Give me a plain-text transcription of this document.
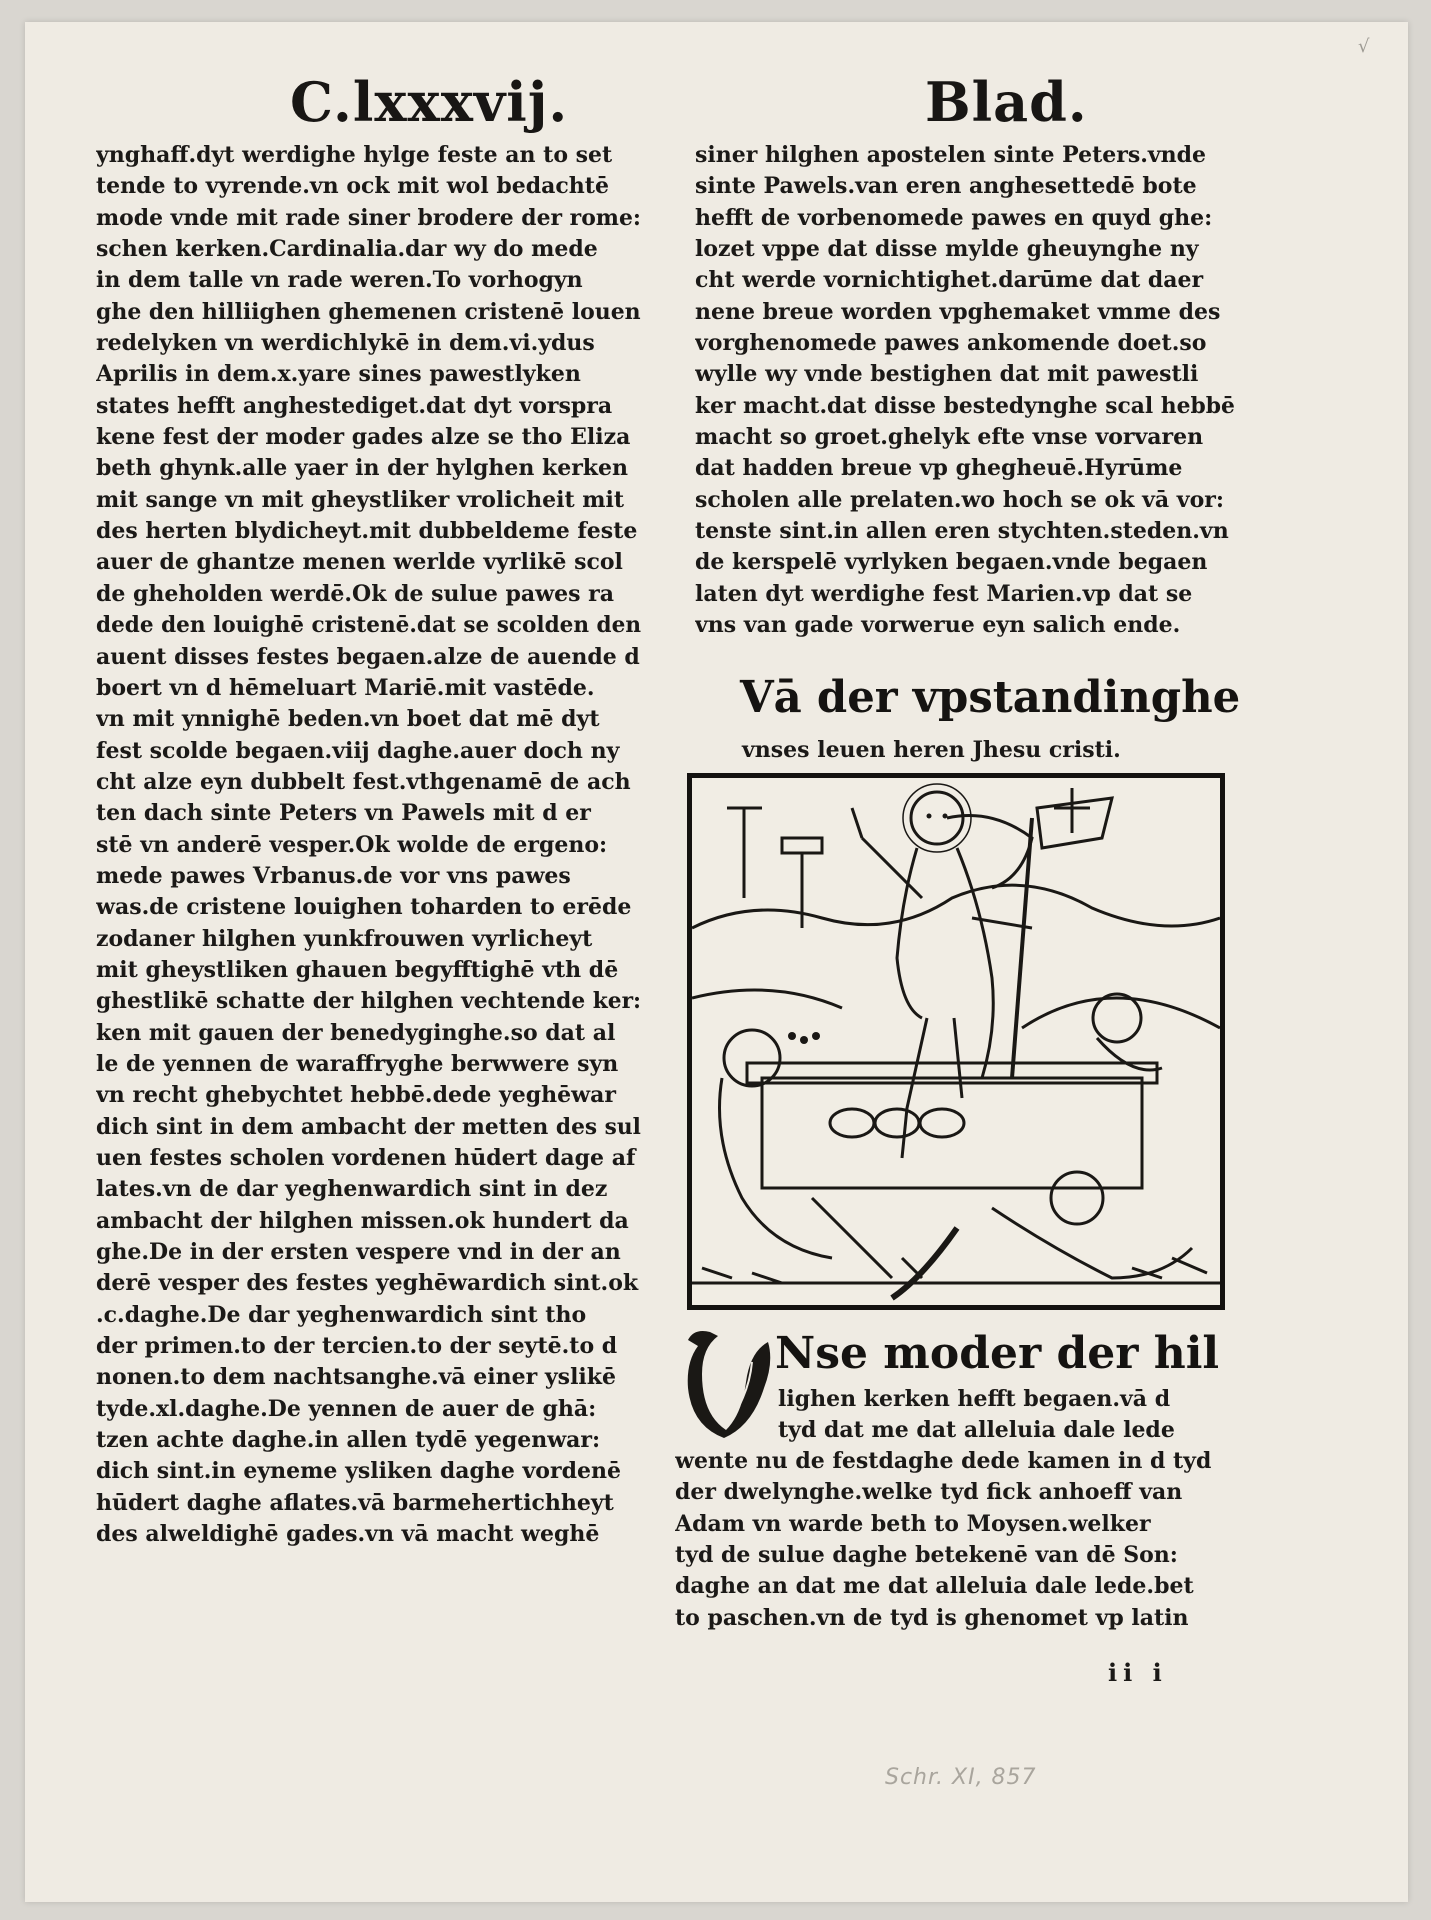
√
C.lxxxvij.	Blad.
ynghaff.dyt werdighe hylge feste an to set
tende to vyrende.vn ock mit wol bedachtē
mode vnde mit rade siner brodere der rome:
schen kerken.Cardinalia.dar wy do mede
in dem talle vn rade weren.To vorhogyn
ghe den hilliighen ghemenen cristenē louen
redelyken vn werdichlykē in dem.vi.ydus
Aprilis in dem.x.yare sines pawestlyken
states hefft anghestediget.dat dyt vorspra
kene fest der moder gades alze se tho Eliza
beth ghynk.alle yaer in der hylghen kerken
mit sange vn mit gheystliker vrolicheit mit
des herten blydicheyt.mit dubbeldeme feste
auer de ghantze menen werlde vyrlikē scol
de gheholden werdē.Ok de sulue pawes ra
dede den louighē cristenē.dat se scolden den
auent disses festes begaen.alze de auende d
boert vn d hēmeluart Mariē.mit vastēde.
vn mit ynnighē beden.vn boet dat mē dyt
fest scolde begaen.viij daghe.auer doch ny
cht alze eyn dubbelt fest.vthgenamē de ach
ten dach sinte Peters vn Pawels mit d er
stē vn anderē vesper.Ok wolde de ergeno:
mede pawes Vrbanus.de vor vns pawes
was.de cristene louighen toharden to erēde
zodaner hilghen yunkfrouwen vyrlicheyt
mit gheystliken ghauen begyfftighē vth dē
ghestlikē schatte der hilghen vechtende ker:
ken mit gauen der benedyginghe.so dat al
le de yennen de waraffryghe berwwere syn
vn recht ghebychtet hebbē.dede yeghēwar
dich sint in dem ambacht der metten des sul
uen festes scholen vordenen hūdert dage af
lates.vn de dar yeghenwardich sint in dez
ambacht der hilghen missen.ok hundert da
ghe.De in der ersten vespere vnd in der an
derē vesper des festes yeghēwardich sint.ok
.c.daghe.De dar yeghenwardich sint tho
der primen.to der tercien.to der seytē.to d
nonen.to dem nachtsanghe.vā einer yslikē
tyde.xl.daghe.De yennen de auer de ghā:
tzen achte daghe.in allen tydē yegenwar:
dich sint.in eyneme ysliken daghe vordenē
hūdert daghe aflates.vā barmehertichheyt
des alweldighē gades.vn vā macht weghē
siner hilghen apostelen sinte Peters.vnde
sinte Pawels.van eren anghesettedē bote
hefft de vorbenomede pawes en quyd ghe:
lozet vppe dat disse mylde gheuynghe ny
cht werde vornichtighet.darūme dat daer
nene breue worden vpghemaket vmme des
vorghenomede pawes ankomende doet.so
wylle wy vnde bestighen dat mit pawestli
ker macht.dat disse bestedynghe scal hebbē
macht so groet.ghelyk efte vnse vorvaren
dat hadden breue vp ghegheuē.Hyrūme
scholen alle prelaten.wo hoch se ok vā vor:
tenste sint.in allen eren stychten.steden.vn
de kerspelē vyrlyken begaen.vnde begaen
laten dyt werdighe fest Marien.vp dat se
vns van gade vorwerue eyn salich ende.
Vā der vpstandinghe
vnses leuen heren Jhesu cristi.
Nse moder der hil
lighen kerken hefft begaen.vā d
tyd dat me dat alleluia dale lede
wente nu de festdaghe dede kamen in d tyd
der dwelynghe.welke tyd fick anhoeff van
Adam vn warde beth to Moysen.welker
tyd de sulue daghe betekenē van dē Son:
daghe an dat me dat alleluia dale lede.bet
to paschen.vn de tyd is ghenomet vp latin
ii i
Schr. XI, 857
